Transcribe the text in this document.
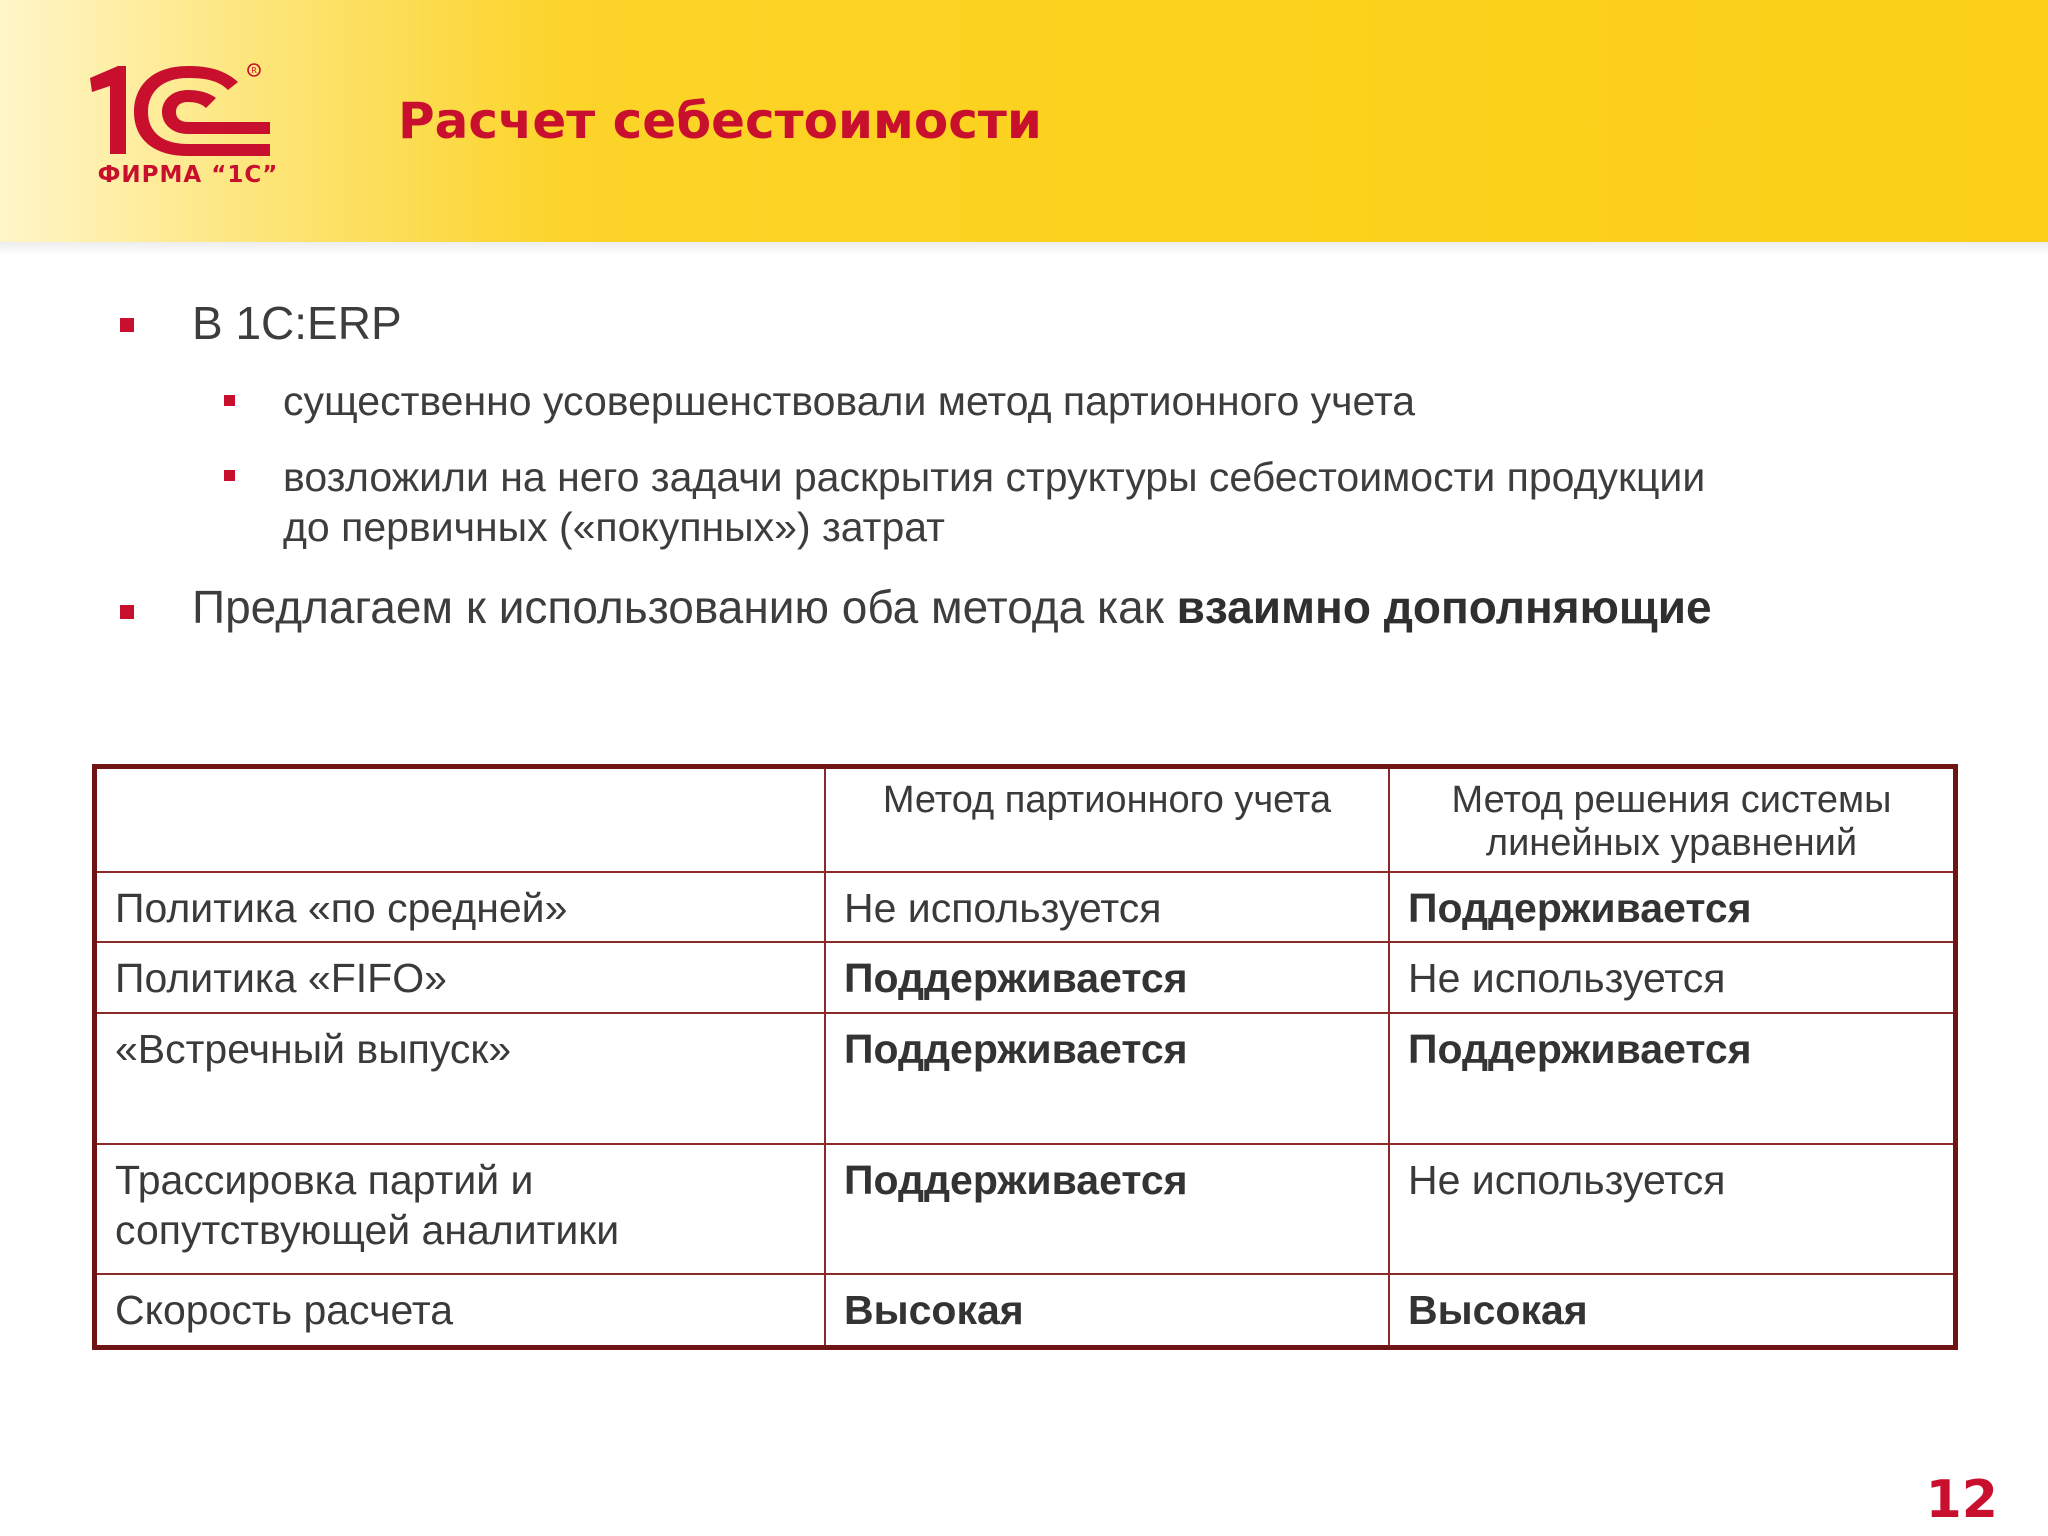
R
ФИРМА “1С”
Расчет себестоимости
В 1С:ERP
существенно усовершенствовали метод партионного учета
возложили на него задачи раскрытия структуры себестоимости продукции
до первичных («покупных») затрат
Предлагаем к использованию оба метода как взаимно дополняющие
	Метод партионного учета	Метод решения системы линейных уравнений
Политика «по средней»	Не используется	Поддерживается
Политика «FIFO»	Поддерживается	Не используется
«Встречный выпуск»	Поддерживается	Поддерживается
Трассировка партий и сопутствующей аналитики	Поддерживается	Не используется
Скорость расчета	Высокая	Высокая
12
